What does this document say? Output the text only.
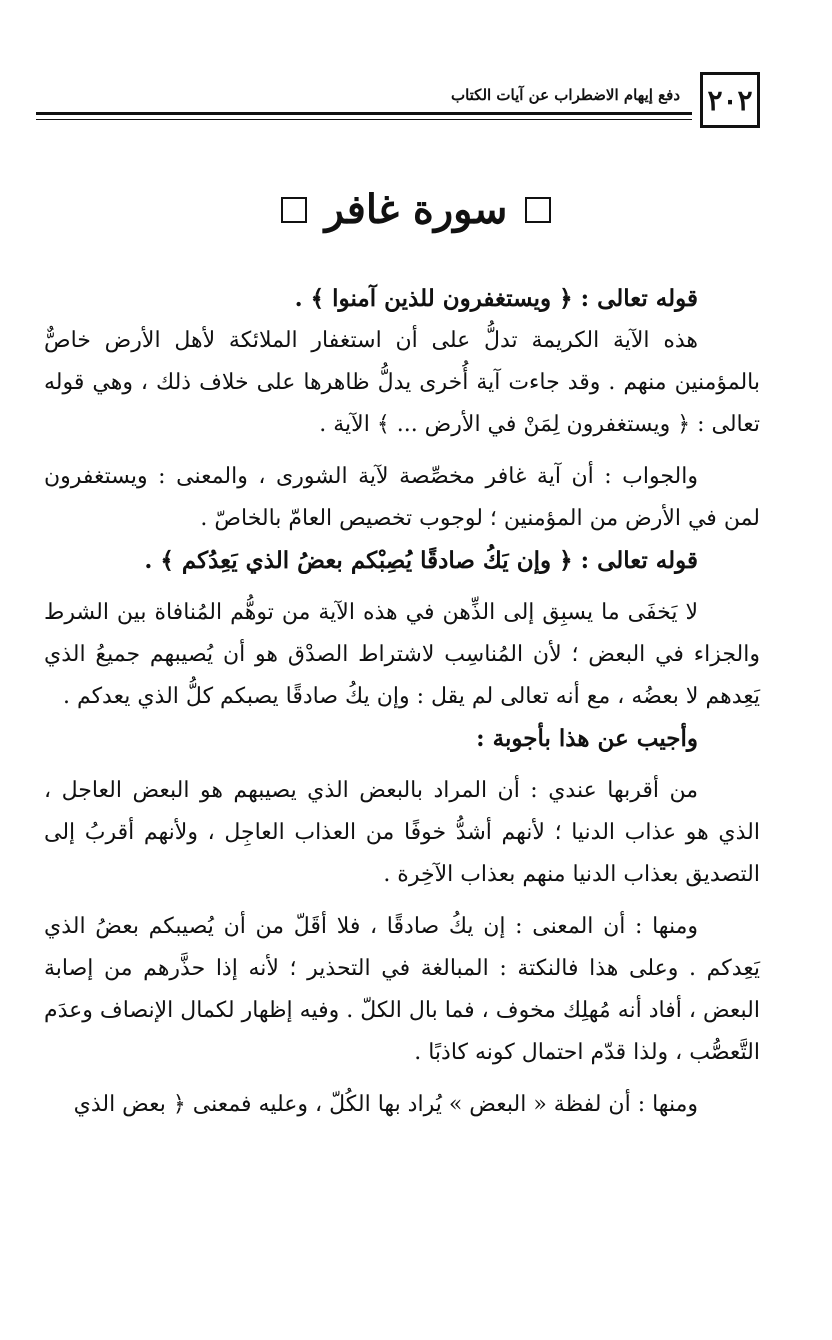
٢٠٢
دفع إيهام الاضطراب عن آيات الكتاب
سورة غافر

قوله تعالى : ﴿ ويستغفرون للذين آمنوا ﴾ .

هذه الآية الكريمة تدلُّ على أن استغفار الملائكة لأهل الأرض خاصٌّ بالمؤمنين منهم . وقد جاءت آية أُخرى يدلُّ ظاهرها على خلاف ذلك ، وهي قوله تعالى : ﴿ ويستغفرون لِمَنْ في الأرض ... ﴾ الآية .

والجواب : أن آية غافر مخصِّصة لآية الشورى ، والمعنى : ويستغفرون لمن في الأرض من المؤمنين ؛ لوجوب تخصيص العامّ بالخاصّ .

قوله تعالى : ﴿ وإن يَكُ صادقًا يُصِبْكم بعضُ الذي يَعِدُكم ﴾ .

لا يَخفَى ما يسبِق إلى الذِّهن في هذه الآية من توهُّم المُنافاة بين الشرط والجزاء في البعض ؛ لأن المُناسِب لاشتراط الصدْق هو أن يُصيبهم جميعُ الذي يَعِدهم لا بعضُه ، مع أنه تعالى لم يقل : وإن يكُ صادقًا يصبكم كلُّ الذي يعدكم .

وأجيب عن هذا بأجوبة :

من أقربها عندي : أن المراد بالبعض الذي يصيبهم هو البعض العاجل ، الذي هو عذاب الدنيا ؛ لأنهم أشدُّ خوفًا من العذاب العاجِل ، ولأنهم أقربُ إلى التصديق بعذاب الدنيا منهم بعذاب الآخِرة .

ومنها : أن المعنى : إن يكُ صادقًا ، فلا أقَلّ من أن يُصيبكم بعضُ الذي يَعِدكم . وعلى هذا فالنكتة : المبالغة في التحذير ؛ لأنه إذا حذَّرهم من إصابة البعض ، أفاد أنه مُهلِك مخوف ، فما بال الكلّ . وفيه إظهار لكمال الإنصاف وعدَم التَّعصُّب ، ولذا قدّم احتمال كونه كاذبًا .

ومنها : أن لفظة « البعض » يُراد بها الكُلّ ، وعليه فمعنى ﴿ بعض الذي
